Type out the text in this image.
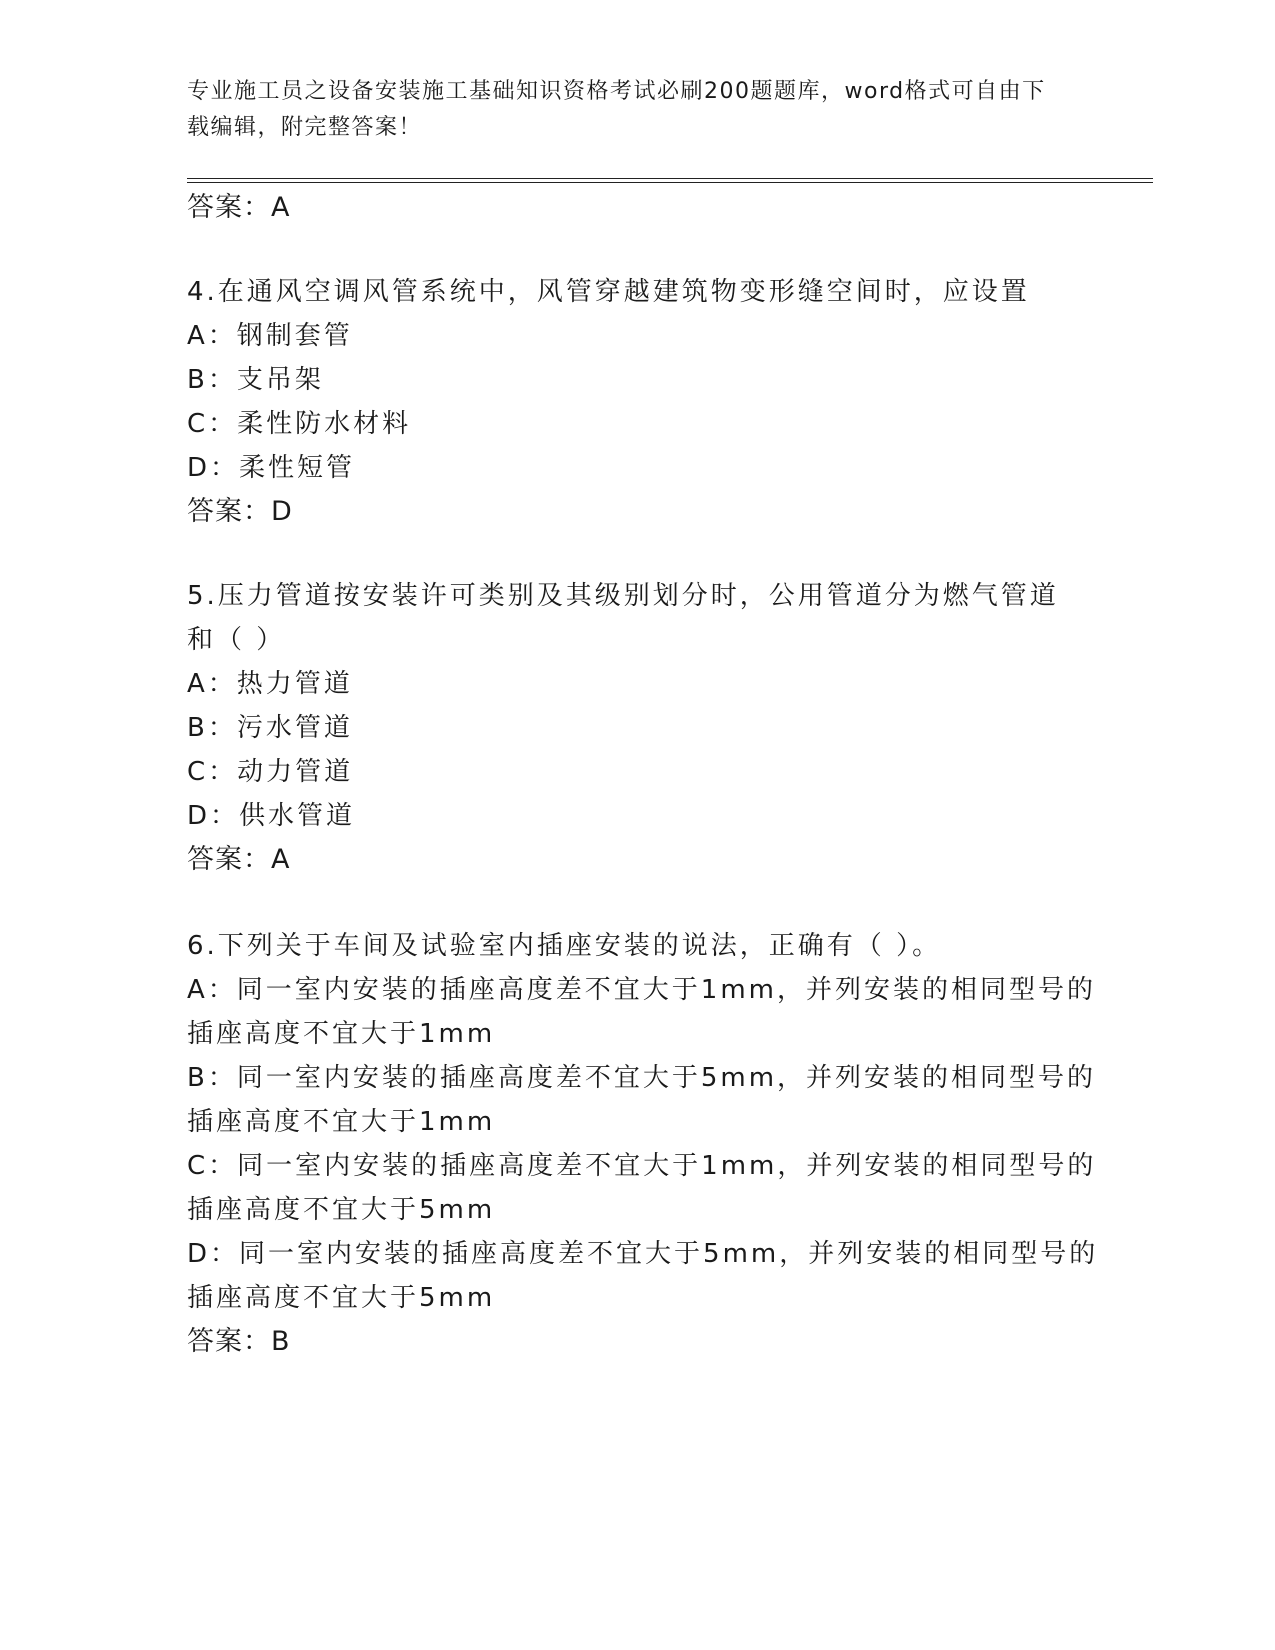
专业施工员之设备安装施工基础知识资格考试必刷200题题库，word格式可自由下载编辑，附完整答案！
答案：A
4.在通风空调风管系统中，风管穿越建筑物变形缝空间时，应设置
A：钢制套管
B：支吊架
C：柔性防水材料
D：柔性短管
答案：D
5.压力管道按安装许可类别及其级别划分时，公用管道分为燃气管道
和（ ）
A：热力管道
B：污水管道
C：动力管道
D：供水管道
答案：A
6.下列关于车间及试验室内插座安装的说法，正确有（ ）。
A：同一室内安装的插座高度差不宜大于1mm，并列安装的相同型号的
插座高度不宜大于1mm
B：同一室内安装的插座高度差不宜大于5mm，并列安装的相同型号的
插座高度不宜大于1mm
C：同一室内安装的插座高度差不宜大于1mm，并列安装的相同型号的
插座高度不宜大于5mm
D：同一室内安装的插座高度差不宜大于5mm，并列安装的相同型号的
插座高度不宜大于5mm
答案：B
